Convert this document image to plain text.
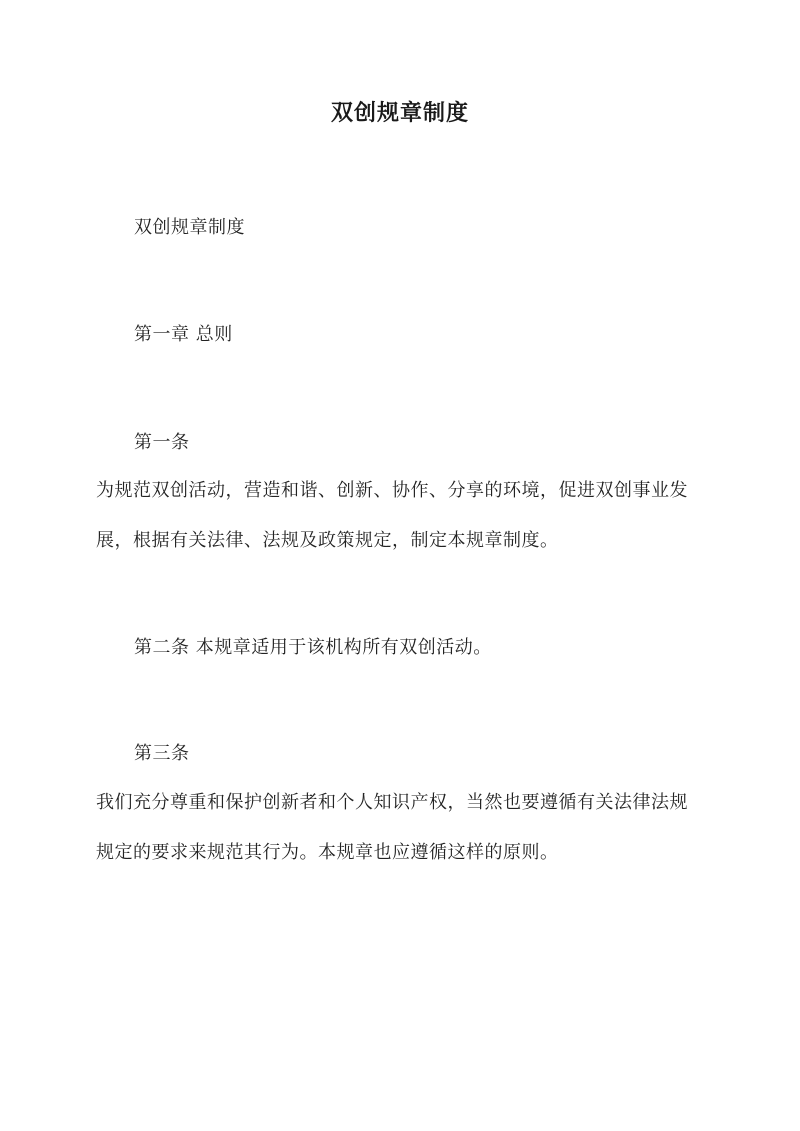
双创规章制度
双创规章制度
第一章 总则
第一条
为规范双创活动，营造和谐、创新、协作、分享的环境，促进双创事业发
展，根据有关法律、法规及政策规定，制定本规章制度。
第二条 本规章适用于该机构所有双创活动。
第三条
我们充分尊重和保护创新者和个人知识产权，当然也要遵循有关法律法规
规定的要求来规范其行为。本规章也应遵循这样的原则。
